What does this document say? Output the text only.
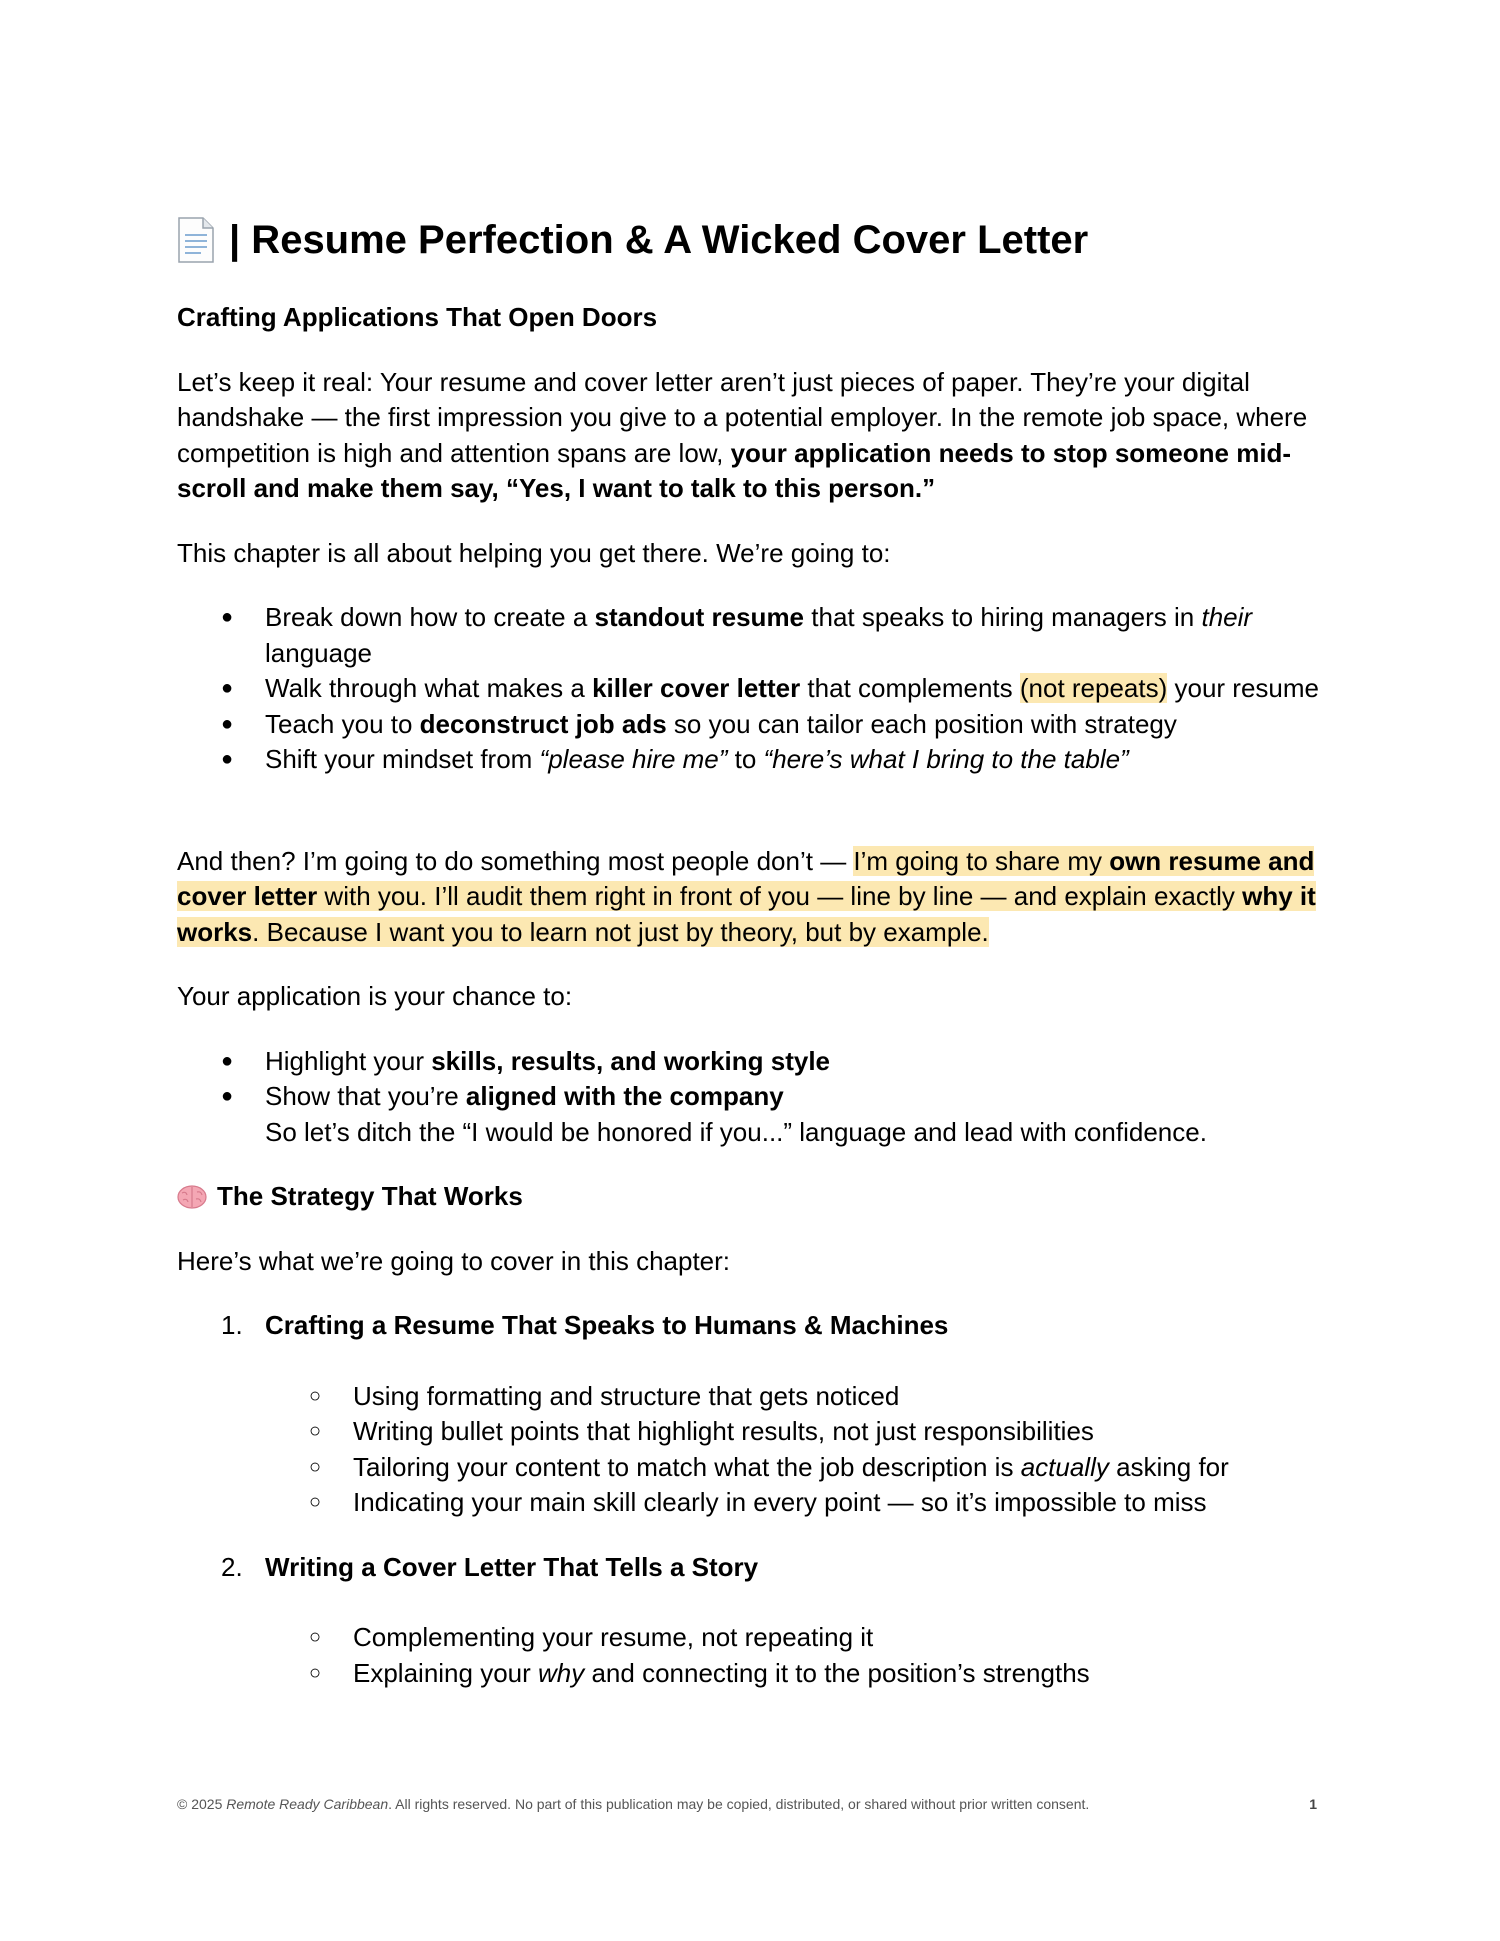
| Resume Perfection & A Wicked Cover Letter

Crafting Applications That Open Doors

Let’s keep it real: Your resume and cover letter aren’t just pieces of paper. They’re your digital handshake — the first impression you give to a potential employer. In the remote job space, where competition is high and attention spans are low, your application needs to stop someone mid-scroll and make them say, “Yes, I want to talk to this person.”

This chapter is all about helping you get there. We’re going to:

● Break down how to create a standout resume that speaks to hiring managers in their language
● Walk through what makes a killer cover letter that complements (not repeats) your resume
● Teach you to deconstruct job ads so you can tailor each position with strategy
● Shift your mindset from “please hire me” to “here’s what I bring to the table”

And then? I’m going to do something most people don’t — I’m going to share my own resume and cover letter with you. I’ll audit them right in front of you — line by line — and explain exactly why it works. Because I want you to learn not just by theory, but by example.

Your application is your chance to:

● Highlight your skills, results, and working style
● Show that you’re aligned with the company
So let’s ditch the “I would be honored if you...” language and lead with confidence.
The Strategy That Works

Here’s what we’re going to cover in this chapter:

1. Crafting a Resume That Speaks to Humans & Machines
○ Using formatting and structure that gets noticed
○ Writing bullet points that highlight results, not just responsibilities
○ Tailoring your content to match what the job description is actually asking for
○ Indicating your main skill clearly in every point — so it’s impossible to miss
2. Writing a Cover Letter That Tells a Story
○ Complementing your resume, not repeating it
○ Explaining your why and connecting it to the position’s strengths
© 2025 Remote Ready Caribbean. All rights reserved. No part of this publication may be copied, distributed, or shared without prior written consent.	1
